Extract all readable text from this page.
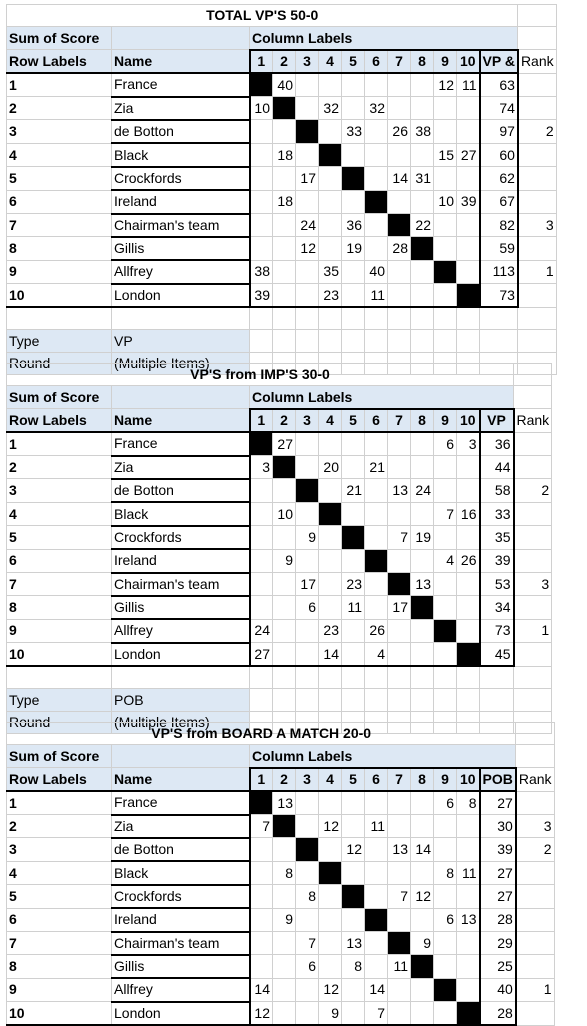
TOTAL VP'S 50-0													
Sum of Score		Column Labels											
Row Labels	Name	1	2	3	4	5	6	7	8	9	10	VP &	Rank
1	France		40							12	11	63	
2	Zia	10			32		32					74	
3	de Botton					33		26	38			97	2
4	Black		18							15	27	60	
5	Crockfords			17				14	31			62	
6	Ireland		18							10	39	67	
7	Chairman's team			24		36			22			82	3
8	Gillis			12		19		28				59	
9	Allfrey	38			35		40					113	1
10	London	39			23		11					73	

Type	VP												
Round	(Multiple Items)												
VP'S from IMP'S 30-0													
Sum of Score		Column Labels											
Row Labels	Name	1	2	3	4	5	6	7	8	9	10	VP	Rank
1	France		27							6	3	36	
2	Zia	3			20		21					44	
3	de Botton					21		13	24			58	2
4	Black		10							7	16	33	
5	Crockfords			9				7	19			35	
6	Ireland		9							4	26	39	
7	Chairman's team			17		23			13			53	3
8	Gillis			6		11		17				34	
9	Allfrey	24			23		26					73	1
10	London	27			14		4					45	

Type	POB												
Round	(Multiple Items)												
VP'S from BOARD A MATCH 20-0													
Sum of Score		Column Labels											
Row Labels	Name	1	2	3	4	5	6	7	8	9	10	POB	Rank
1	France		13							6	8	27	
2	Zia	7			12		11					30	3
3	de Botton					12		13	14			39	2
4	Black		8							8	11	27	
5	Crockfords			8				7	12			27	
6	Ireland		9							6	13	28	
7	Chairman's team			7		13			9			29	
8	Gillis			6		8		11				25	
9	Allfrey	14			12		14					40	1
10	London	12			9		7					28	
